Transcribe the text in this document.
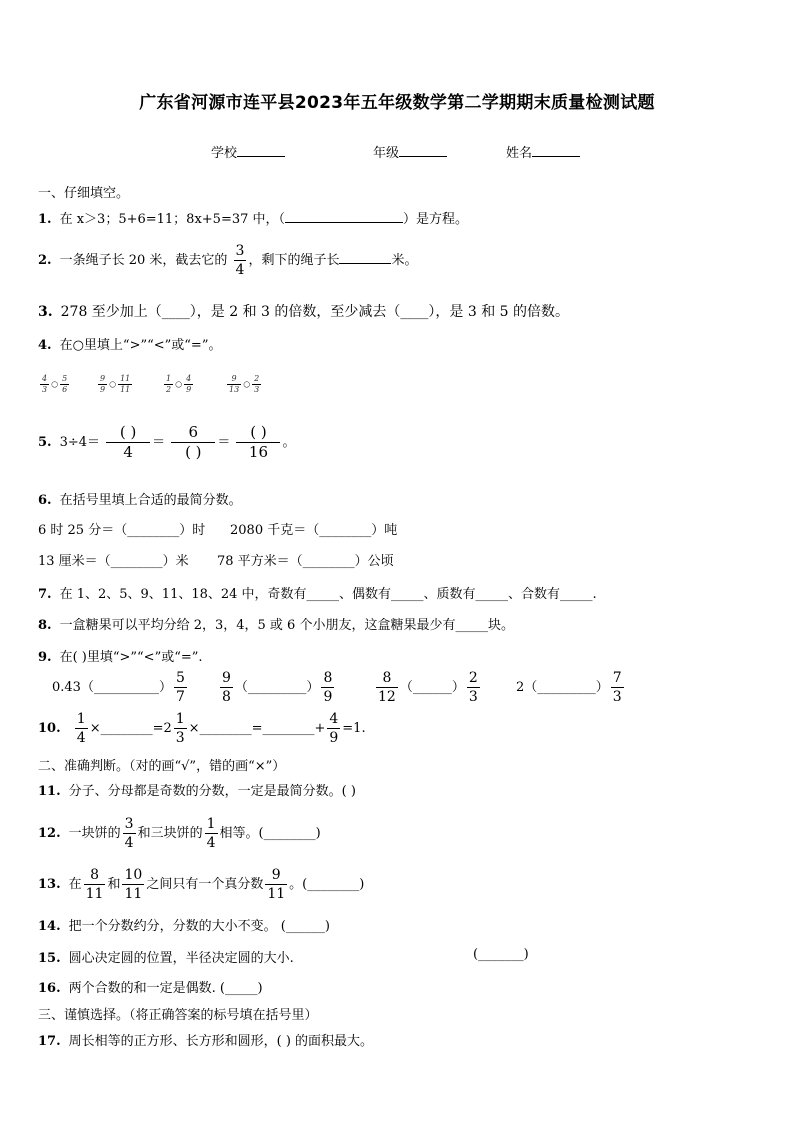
广东省河源市连平县2023年五年级数学第二学期期末质量检测试题
学校	年级	姓名
一、仔细填空。
1. 在 x＞3；5+6=11；8x+5=37 中，（	）是方程。
2. 一条绳子长 20 米，截去它的 $\frac{3}{4}$ ，剩下的绳子长	米。
3. 278 至少加上（____），是 2 和 3 的倍数，至少减去（____），是 3 和 5 的倍数。
4. 在○里填上“>”“<”或“=”。
$\frac{4}{3}$ ○ $\frac{5}{6}$	$\frac{9}{9}$ ○ $\frac{11}{11}$	$\frac{1}{2}$ ○ $\frac{4}{9}$	$\frac{9}{13}$ ○ $\frac{2}{3}$
5. $3\div 4= \frac{( )}{4} = \frac{6}{( )} = \frac{( )}{16}$ 。
6. 在括号里填上合适的最简分数。
6 时 25 分＝（________）时 2080 千克＝（________）吨
13 厘米＝（________）米 78 平方米＝（________）公顷
7. 在 1、2、5、9、11、18、24 中，奇数有_____、偶数有_____、质数有_____、合数有_____.
8. 一盒糖果可以平均分给 2，3，4，5 或 6 个小朋友，这盒糖果最少有_____块。
9. 在( )里填“>”“<”或“=”.
0.43（__________） $\frac{5}{7} \frac{9}{8}$ （_________） $\frac{8}{9}$	$\frac{8}{12}$ （______） $\frac{2}{3}$	2（_________） $\frac{7}{3}$
10. $\frac{1}{4}$ ×________=2 $\frac{1}{3}$ ×________=________+ $\frac{4}{9} =1$.
二、准确判断。（对的画“√”，错的画“×”）
11. 分子、分母都是奇数的分数，一定是最简分数。( )
12. 一块饼的 $\frac{3}{4}$ 和三块饼的 $\frac{1}{4}$ 相等。(________)
13. 在 $\frac{8}{11}$ 和 $\frac{10}{11}$ 之间只有一个真分数 $\frac{9}{11}$ 。(________)
14. 把一个分数约分，分数的大小不变。 (______)
15. 圆心决定圆的位置，半径决定圆的大小.	(_______)
16. 两个合数的和一定是偶数. (_____)
三、谨慎选择。（将正确答案的标号填在括号里）
17. 周长相等的正方形、长方形和圆形，( ) 的面积最大。
